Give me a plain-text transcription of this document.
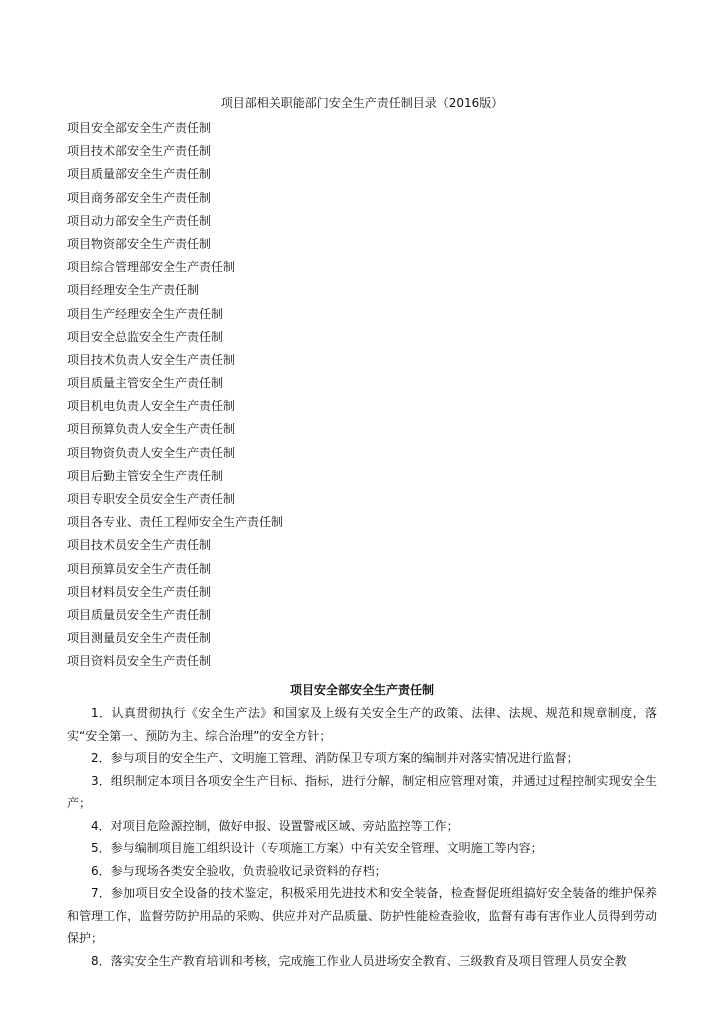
项目部相关职能部门安全生产责任制目录（2016版）
项目安全部安全生产责任制
项目技术部安全生产责任制
项目质量部安全生产责任制
项目商务部安全生产责任制
项目动力部安全生产责任制
项目物资部安全生产责任制
项目综合管理部安全生产责任制
项目经理安全生产责任制
项目生产经理安全生产责任制
项目安全总监安全生产责任制
项目技术负责人安全生产责任制
项目质量主管安全生产责任制
项目机电负责人安全生产责任制
项目预算负责人安全生产责任制
项目物资负责人安全生产责任制
项目后勤主管安全生产责任制
项目专职安全员安全生产责任制
项目各专业、责任工程师安全生产责任制
项目技术员安全生产责任制
项目预算员安全生产责任制
项目材料员安全生产责任制
项目质量员安全生产责任制
项目测量员安全生产责任制
项目资料员安全生产责任制
项目安全部安全生产责任制

1．认真贯彻执行《安全生产法》和国家及上级有关安全生产的政策、法律、法规、规范和规章制度，落实“安全第一、预防为主、综合治理”的安全方针；

2．参与项目的安全生产、文明施工管理、消防保卫专项方案的编制并对落实情况进行监督；

3．组织制定本项目各项安全生产目标、指标，进行分解，制定相应管理对策，并通过过程控制实现安全生产；

4．对项目危险源控制，做好申报、设置警戒区域、旁站监控等工作；

5．参与编制项目施工组织设计（专项施工方案）中有关安全管理、文明施工等内容；

6．参与现场各类安全验收，负责验收记录资料的存档；

7．参加项目安全设备的技术鉴定，积极采用先进技术和安全装备，检查督促班组搞好安全装备的维护保养和管理工作，监督劳防护用品的采购、供应并对产品质量、防护性能检查验收，监督有毒有害作业人员得到劳动保护；

8．落实安全生产教育培训和考核，完成施工作业人员进场安全教育、三级教育及项目管理人员安全教
